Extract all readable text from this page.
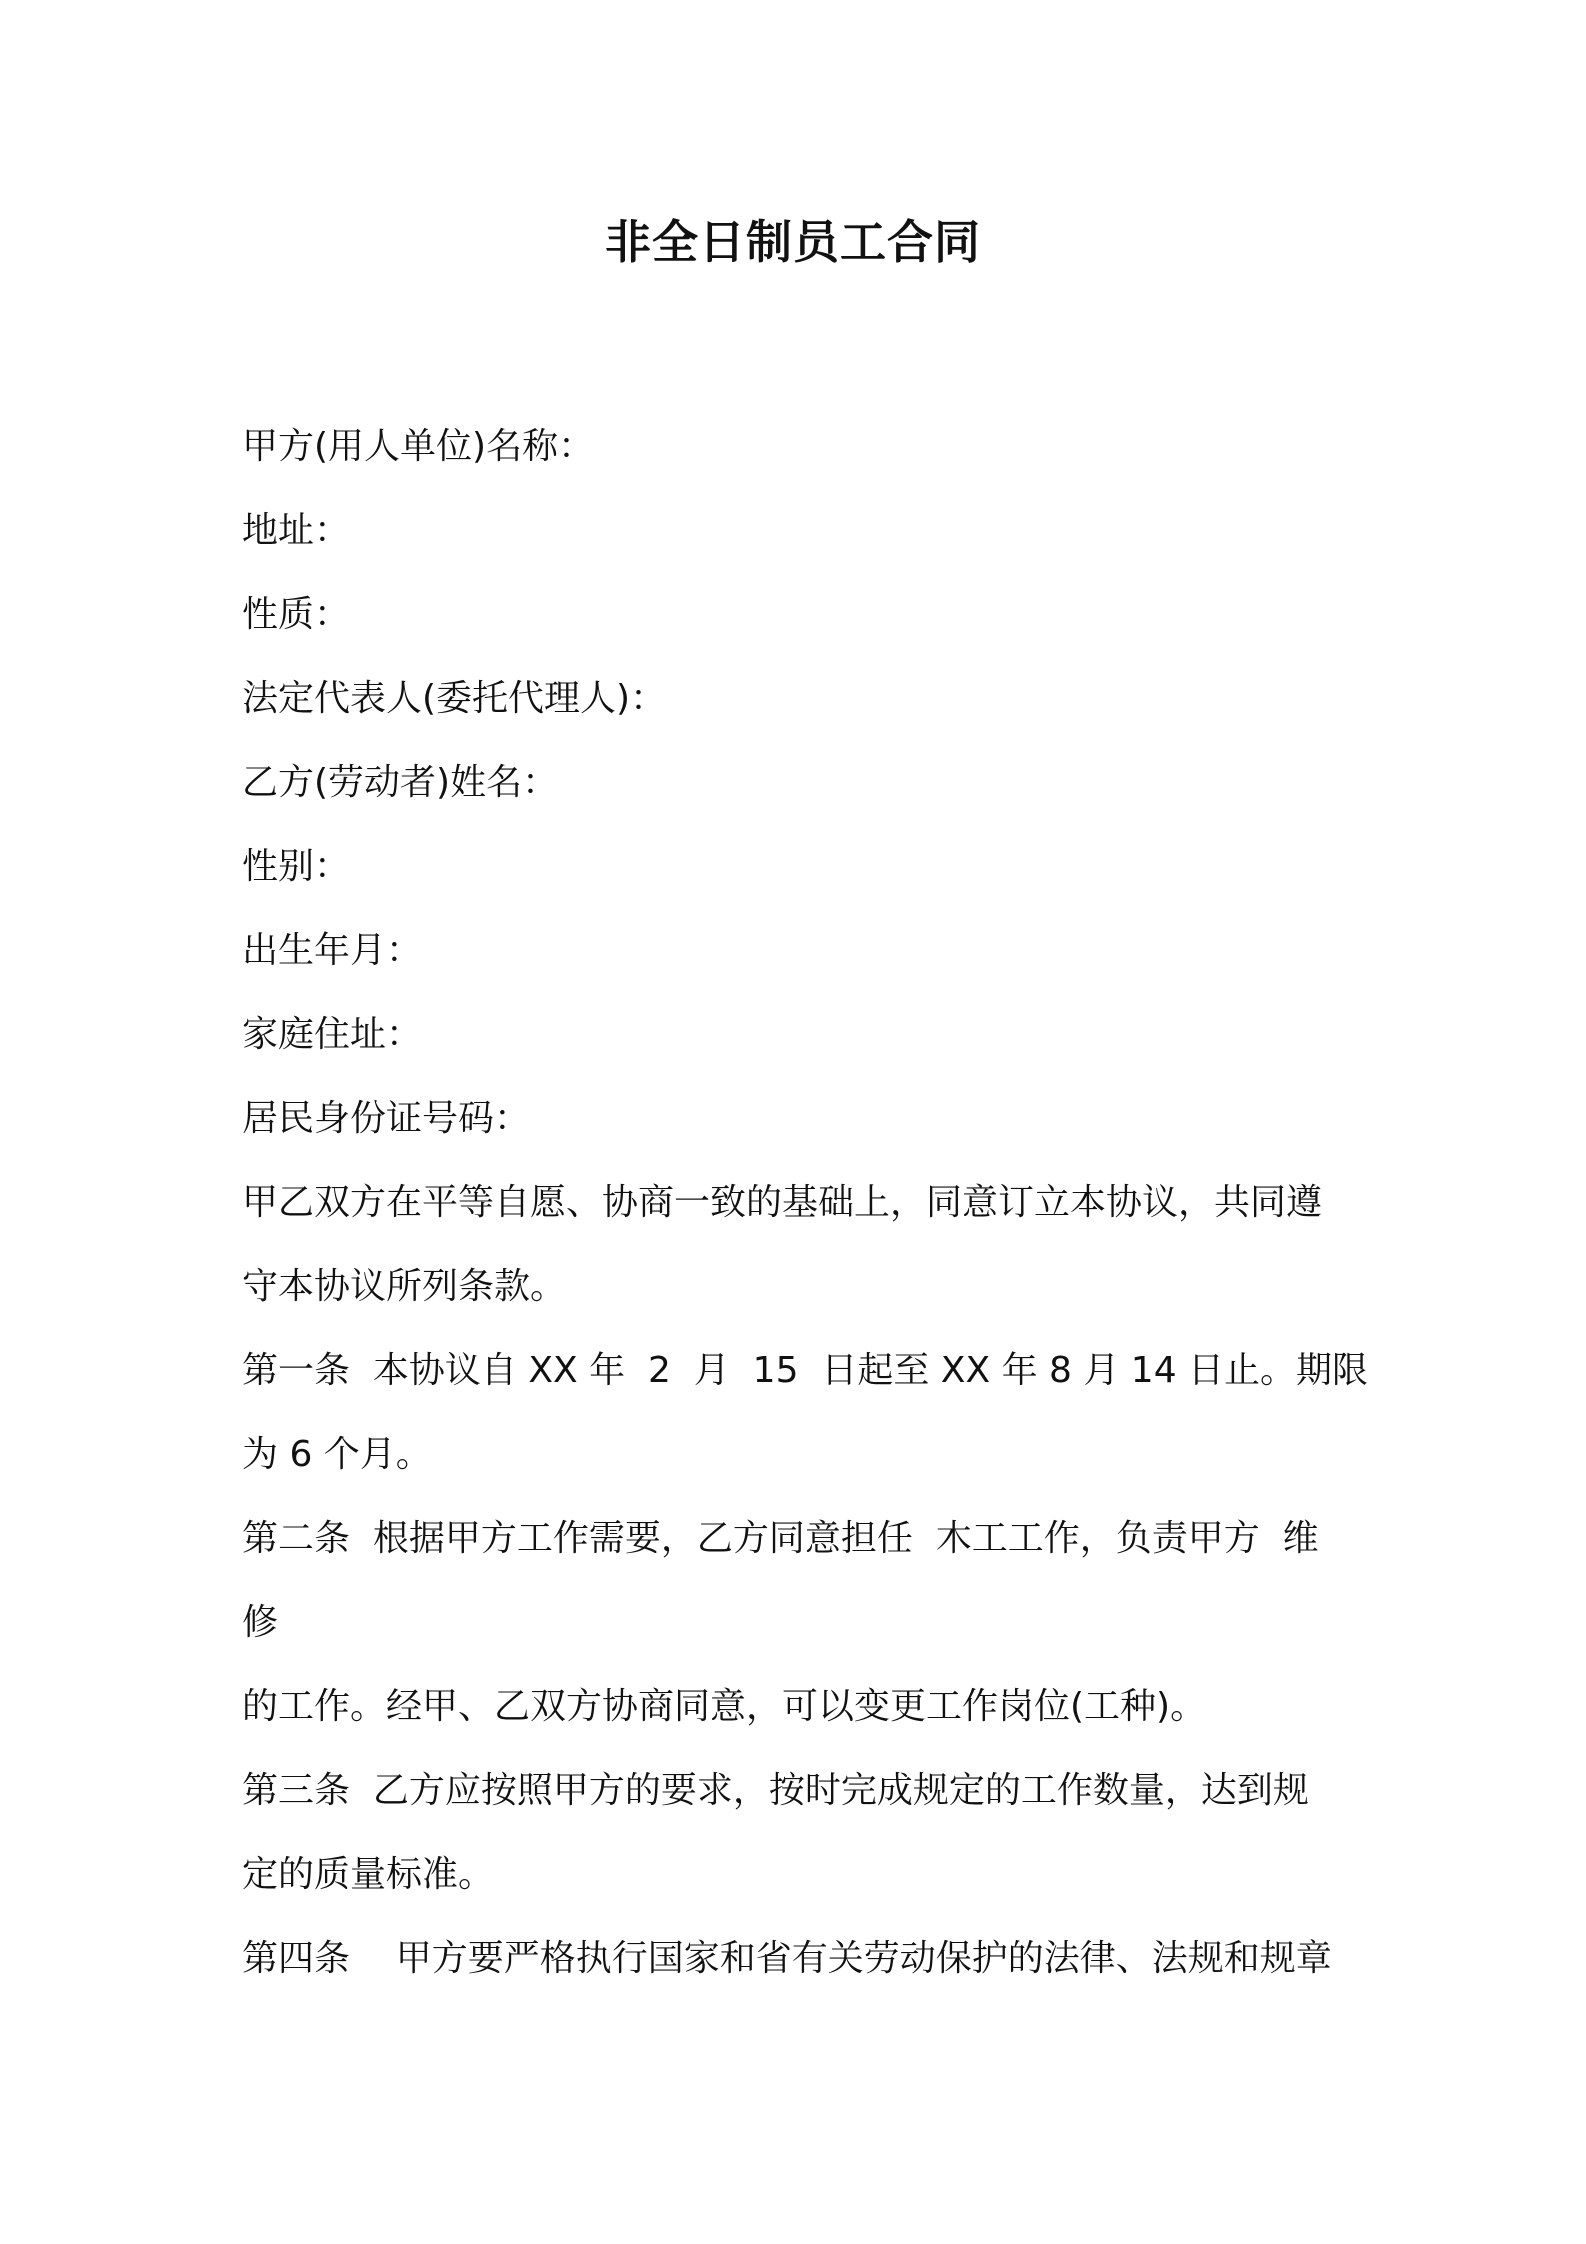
非全日制员工合同
甲方(用人单位)名称：
地址：
性质：
法定代表人(委托代理人)：
乙方(劳动者)姓名：
性别：
出生年月：
家庭住址：
居民身份证号码：
甲乙双方在平等自愿、协商一致的基础上，同意订立本协议，共同遵
守本协议所列条款。
第一条  本协议自 XX 年  2  月  15  日起至 XX 年 8 月 14 日止。期限
为 6 个月。
第二条  根据甲方工作需要，乙方同意担任  木工工作，负责甲方  维
修
的工作。经甲、乙双方协商同意，可以变更工作岗位(工种)。
第三条  乙方应按照甲方的要求，按时完成规定的工作数量，达到规
定的质量标准。
第四条    甲方要严格执行国家和省有关劳动保护的法律、法规和规章
